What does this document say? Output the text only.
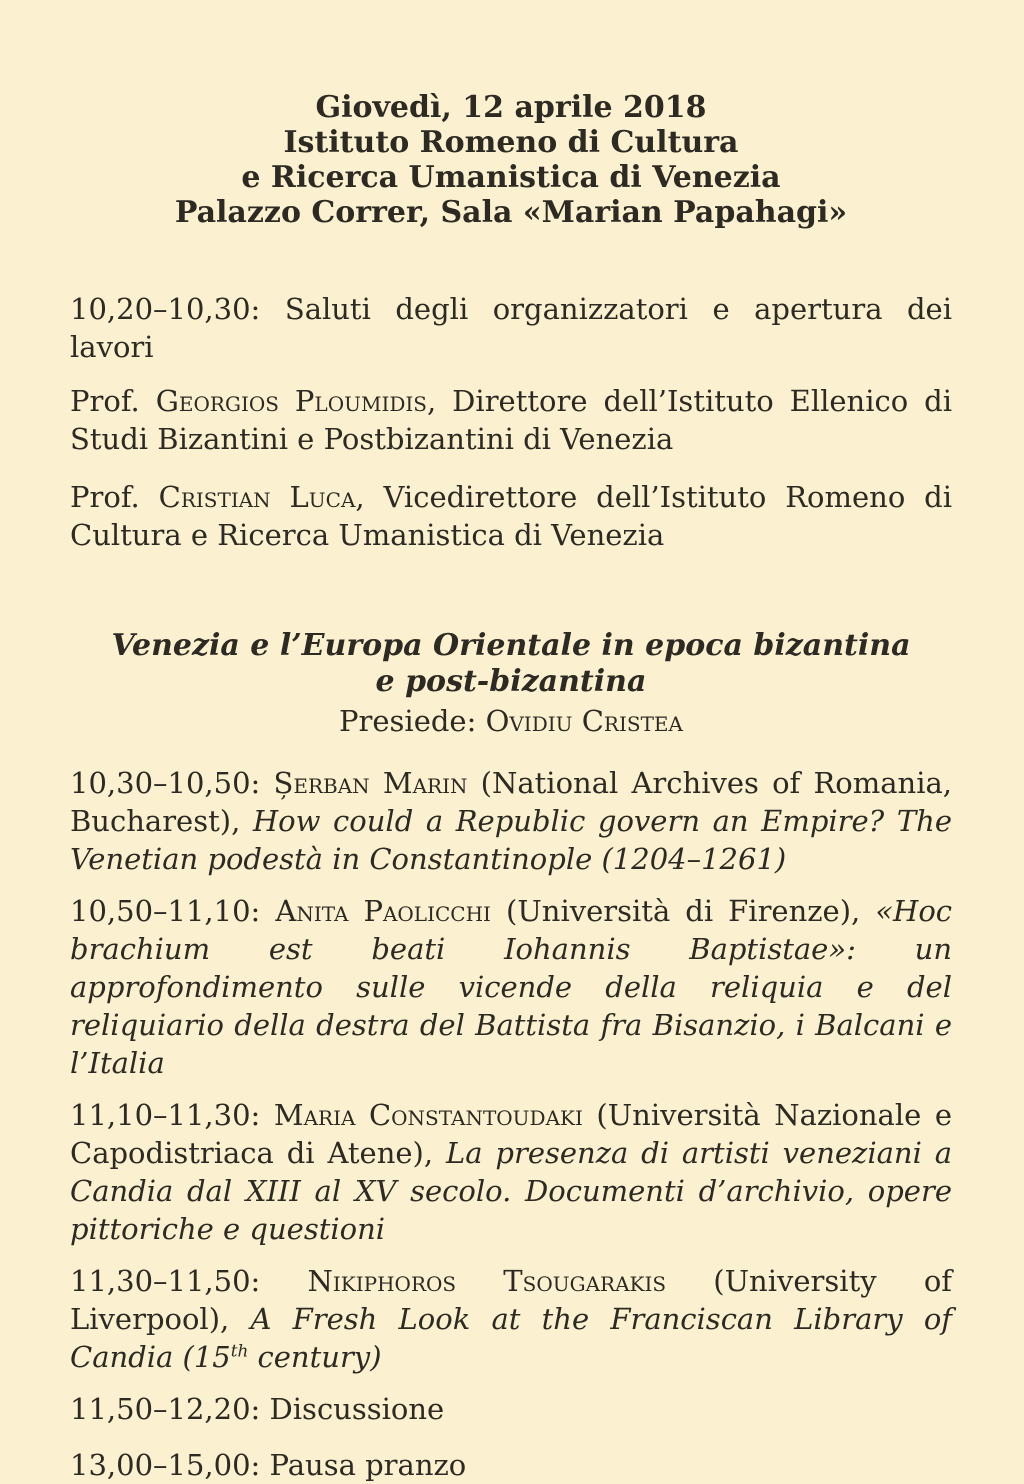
Giovedì, 12 aprile 2018
Istituto Romeno di Cultura
e Ricerca Umanistica di Venezia
Palazzo Correr, Sala «Marian Papahagi»

10,20–10,30: Saluti degli organizzatori e apertura dei lavori

Prof. Georgios Ploumidis, Direttore dell’Istituto Ellenico di Studi Bizantini e Postbizantini di Venezia

Prof. Cristian Luca, Vicedirettore dell’Istituto Romeno di Cultura e Ricerca Umanistica di Venezia

Venezia e l’Europa Orientale in epoca bizantina
e post-bizantina
Presiede: Ovidiu Cristea

10,30–10,50: Șerban Marin (National Archives of Romania, Bucharest), How could a Republic govern an Empire? The Venetian podestà in Constantinople (1204–1261)

10,50–11,10: Anita Paolicchi (Università di Firenze), «Hoc brachium est beati Iohannis Baptistae»: un approfondimento sulle vicende della reliquia e del reliquiario della destra del Battista fra Bisanzio, i Balcani e l’Italia

11,10–11,30: Maria Constantoudaki (Università Nazionale e Capodistriaca di Atene), La presenza di artisti veneziani a Candia dal XIII al XV secolo. Documenti d’archivio, opere pittoriche e questioni

11,30–11,50: Nikiphoros Tsougarakis (University of Liverpool), A Fresh Look at the Franciscan Library of Candia (15th century)

11,50–12,20: Discussione

13,00–15,00: Pausa pranzo
